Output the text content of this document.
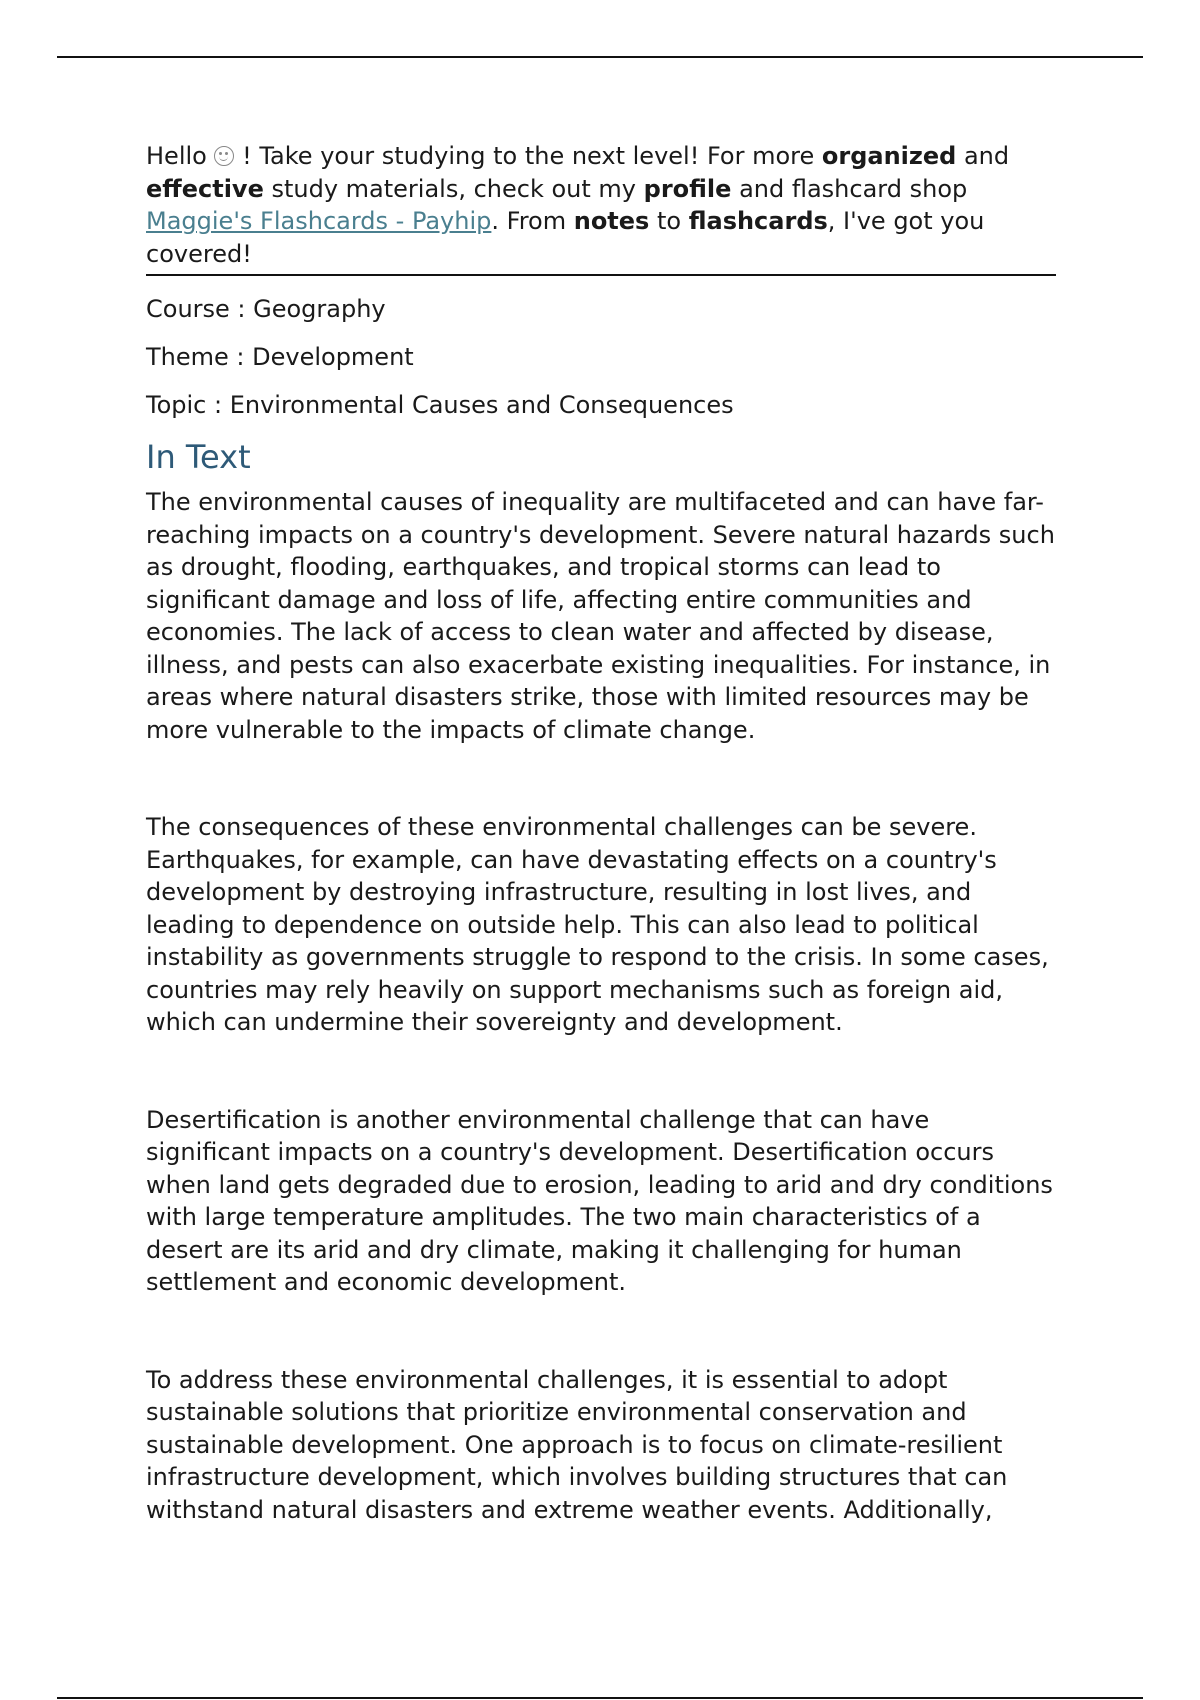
Hello  ! Take your studying to the next level! For more organized and effective study materials, check out my profile and flashcard shop Maggie's Flashcards - Payhip. From notes to flashcards, I've got you covered!

Course : Geography

Theme : Development

Topic : Environmental Causes and Consequences

In Text

The environmental causes of inequality are multifaceted and can have far-reaching impacts on a country's development. Severe natural hazards such as drought, flooding, earthquakes, and tropical storms can lead to significant damage and loss of life, affecting entire communities and economies. The lack of access to clean water and affected by disease, illness, and pests can also exacerbate existing inequalities. For instance, in areas where natural disasters strike, those with limited resources may be more vulnerable to the impacts of climate change.

The consequences of these environmental challenges can be severe. Earthquakes, for example, can have devastating effects on a country's development by destroying infrastructure, resulting in lost lives, and leading to dependence on outside help. This can also lead to political instability as governments struggle to respond to the crisis. In some cases, countries may rely heavily on support mechanisms such as foreign aid, which can undermine their sovereignty and development.

Desertification is another environmental challenge that can have significant impacts on a country's development. Desertification occurs when land gets degraded due to erosion, leading to arid and dry conditions with large temperature amplitudes. The two main characteristics of a desert are its arid and dry climate, making it challenging for human settlement and economic development.

To address these environmental challenges, it is essential to adopt sustainable solutions that prioritize environmental conservation and sustainable development. One approach is to focus on climate-resilient infrastructure development, which involves building structures that can withstand natural disasters and extreme weather events. Additionally,
